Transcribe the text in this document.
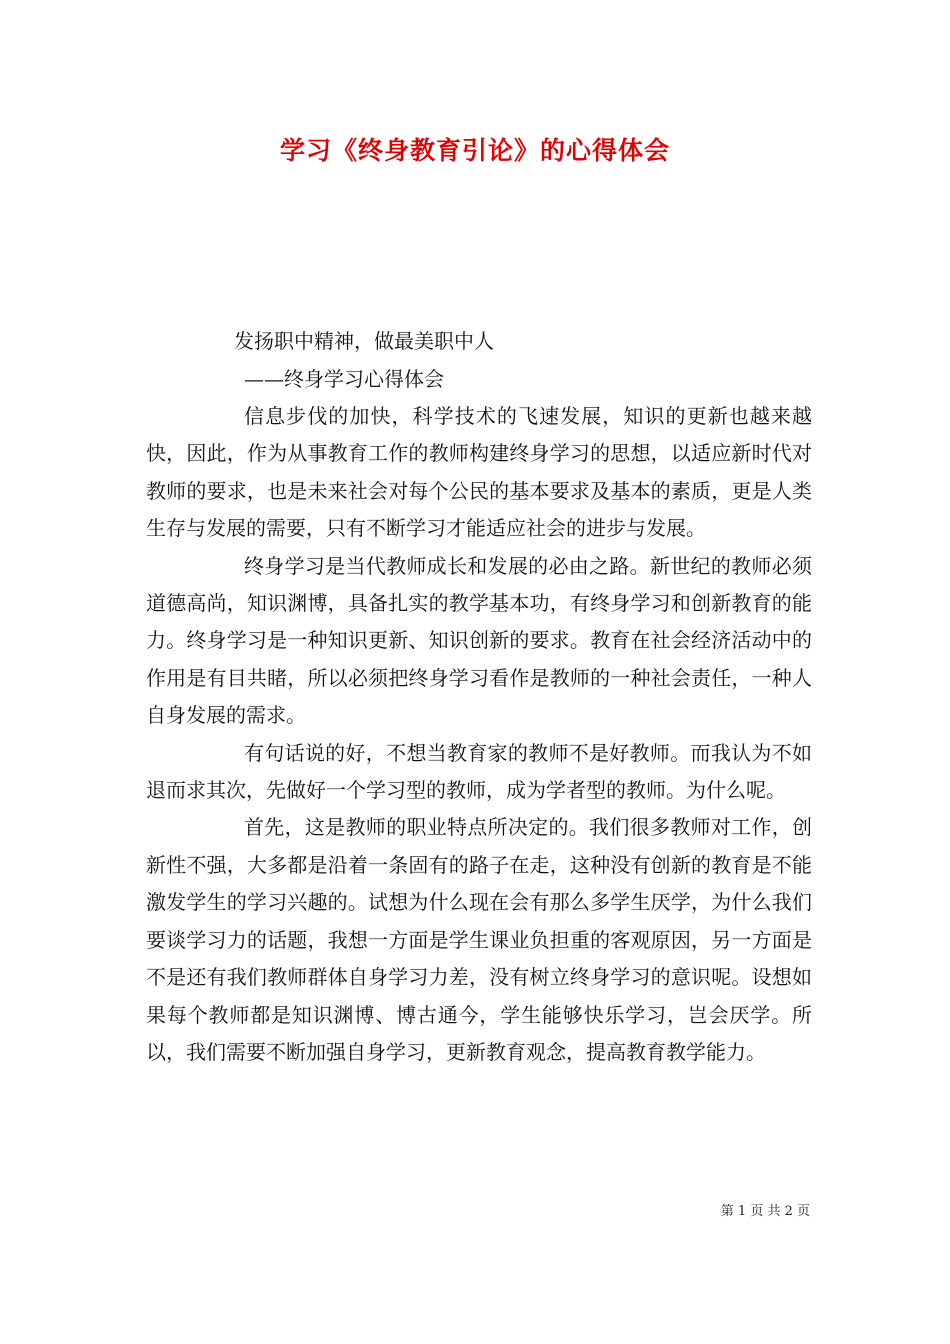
学习《终身教育引论》的心得体会
发扬职中精神，做最美职中人
——终身学习心得体会

信息步伐的加快，科学技术的飞速发展，知识的更新也越来越快，因此，作为从事教育工作的教师构建终身学习的思想，以适应新时代对教师的要求，也是未来社会对每个公民的基本要求及基本的素质，更是人类生存与发展的需要，只有不断学习才能适应社会的进步与发展。

终身学习是当代教师成长和发展的必由之路。新世纪的教师必须道德高尚，知识渊博，具备扎实的教学基本功，有终身学习和创新教育的能力。终身学习是一种知识更新、知识创新的要求。教育在社会经济活动中的作用是有目共睹，所以必须把终身学习看作是教师的一种社会责任，一种人自身发展的需求。

有句话说的好，不想当教育家的教师不是好教师。而我认为不如退而求其次，先做好一个学习型的教师，成为学者型的教师。为什么呢。

首先，这是教师的职业特点所决定的。我们很多教师对工作，创新性不强，大多都是沿着一条固有的路子在走，这种没有创新的教育是不能激发学生的学习兴趣的。试想为什么现在会有那么多学生厌学，为什么我们要谈学习力的话题，我想一方面是学生课业负担重的客观原因，另一方面是不是还有我们教师群体自身学习力差，没有树立终身学习的意识呢。设想如果每个教师都是知识渊博、博古通今，学生能够快乐学习，岂会厌学。所以，我们需要不断加强自身学习，更新教育观念，提高教育教学能力。

第 1 页 共 2 页
